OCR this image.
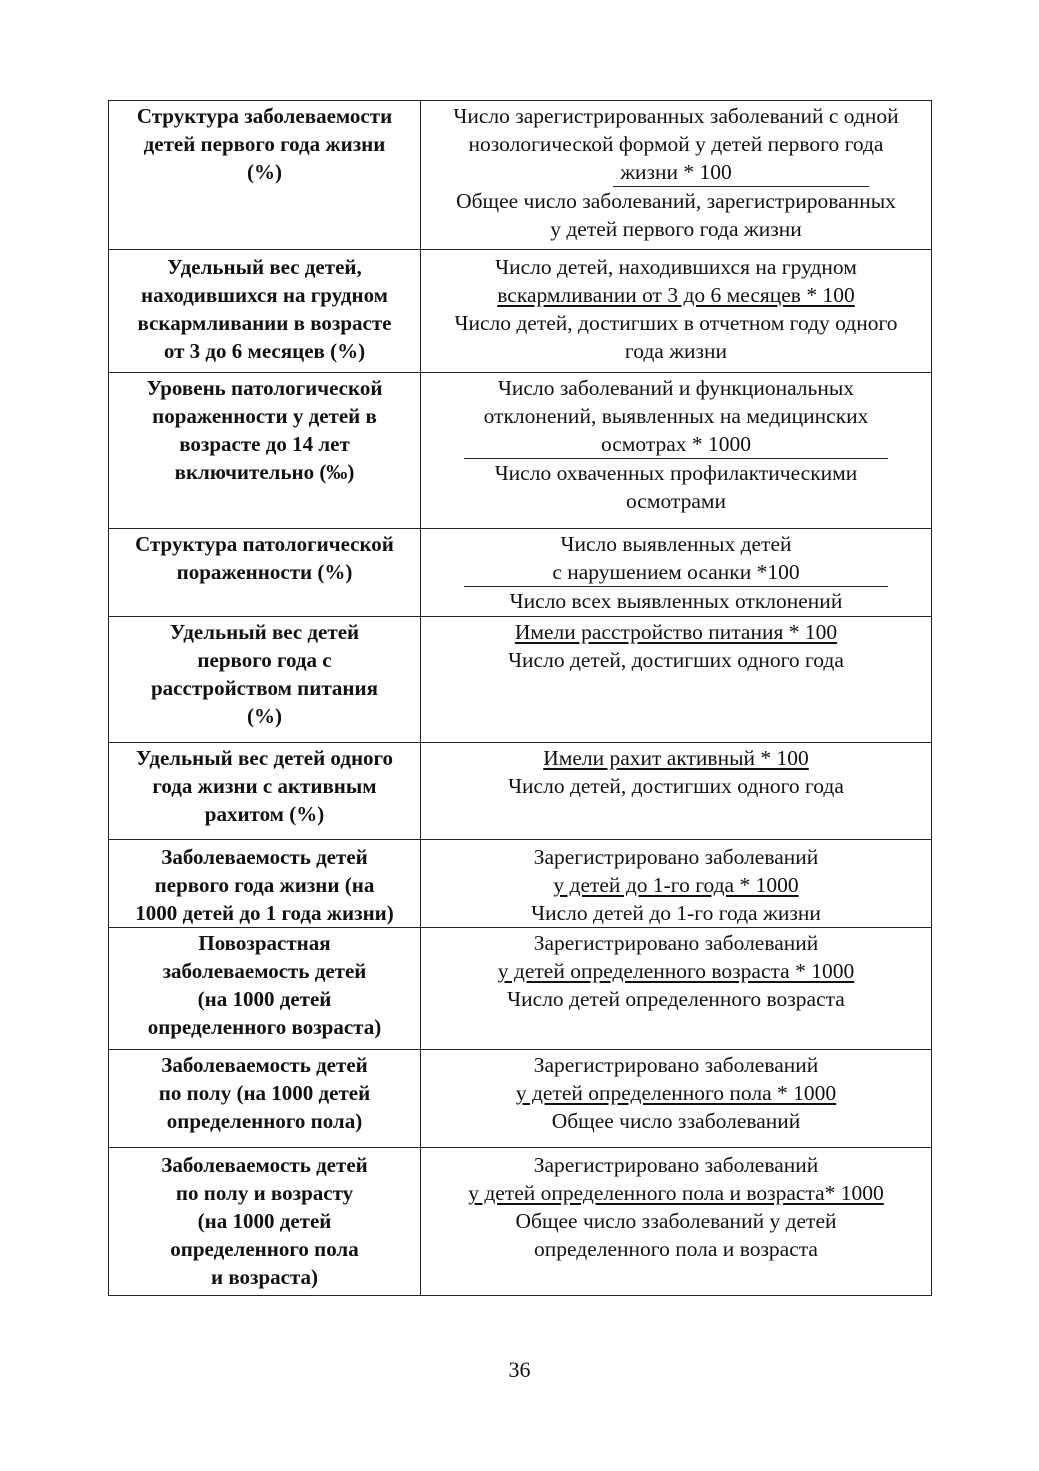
Структура заболеваемости
детей первого года жизни
(%)
Число зарегистрированных заболеваний с одной
нозологической формой у детей первого года
жизни * 100
Общее число заболеваний, зарегистрированных
у детей первого года жизни
Удельный вес детей,
находившихся на грудном
вскармливании в возрасте
от 3 до 6 месяцев (%)
Число детей, находившихся на грудном
вскармливании от 3 до 6 месяцев * 100
Число детей, достигших в отчетном году одного
года жизни
Уровень патологической
пораженности у детей в
возрасте до 14 лет
включительно (‰)
Число заболеваний и функциональных
отклонений, выявленных на медицинских
осмотрах * 1000
Число охваченных профилактическими
осмотрами
Структура патологической
пораженности (%)
Число выявленных детей
с нарушением осанки *100
Число всех выявленных отклонений
Удельный вес детей
первого года с
расстройством питания
(%)
Имели расстройство питания * 100
Число детей, достигших одного года
Удельный вес детей одного
года жизни с активным
рахитом (%)
Имели рахит активный * 100
Число детей, достигших одного года
Заболеваемость детей
первого года жизни (на
1000 детей до 1 года жизни)
Зарегистрировано заболеваний
у детей до 1-го года * 1000
Число детей до 1-го года жизни
Повозрастная
заболеваемость детей
(на 1000 детей
определенного возраста)
Зарегистрировано заболеваний
у детей определенного возраста * 1000
Число детей определенного возраста
Заболеваемость детей
по полу (на 1000 детей
определенного пола)
Зарегистрировано заболеваний
у детей определенного пола * 1000
Общее число ззаболеваний
Заболеваемость детей
по полу и возрасту
(на 1000 детей
определенного пола
и возраста)
Зарегистрировано заболеваний
у детей определенного пола и возраста* 1000
Общее число ззаболеваний у детей
определенного пола и возраста
36
